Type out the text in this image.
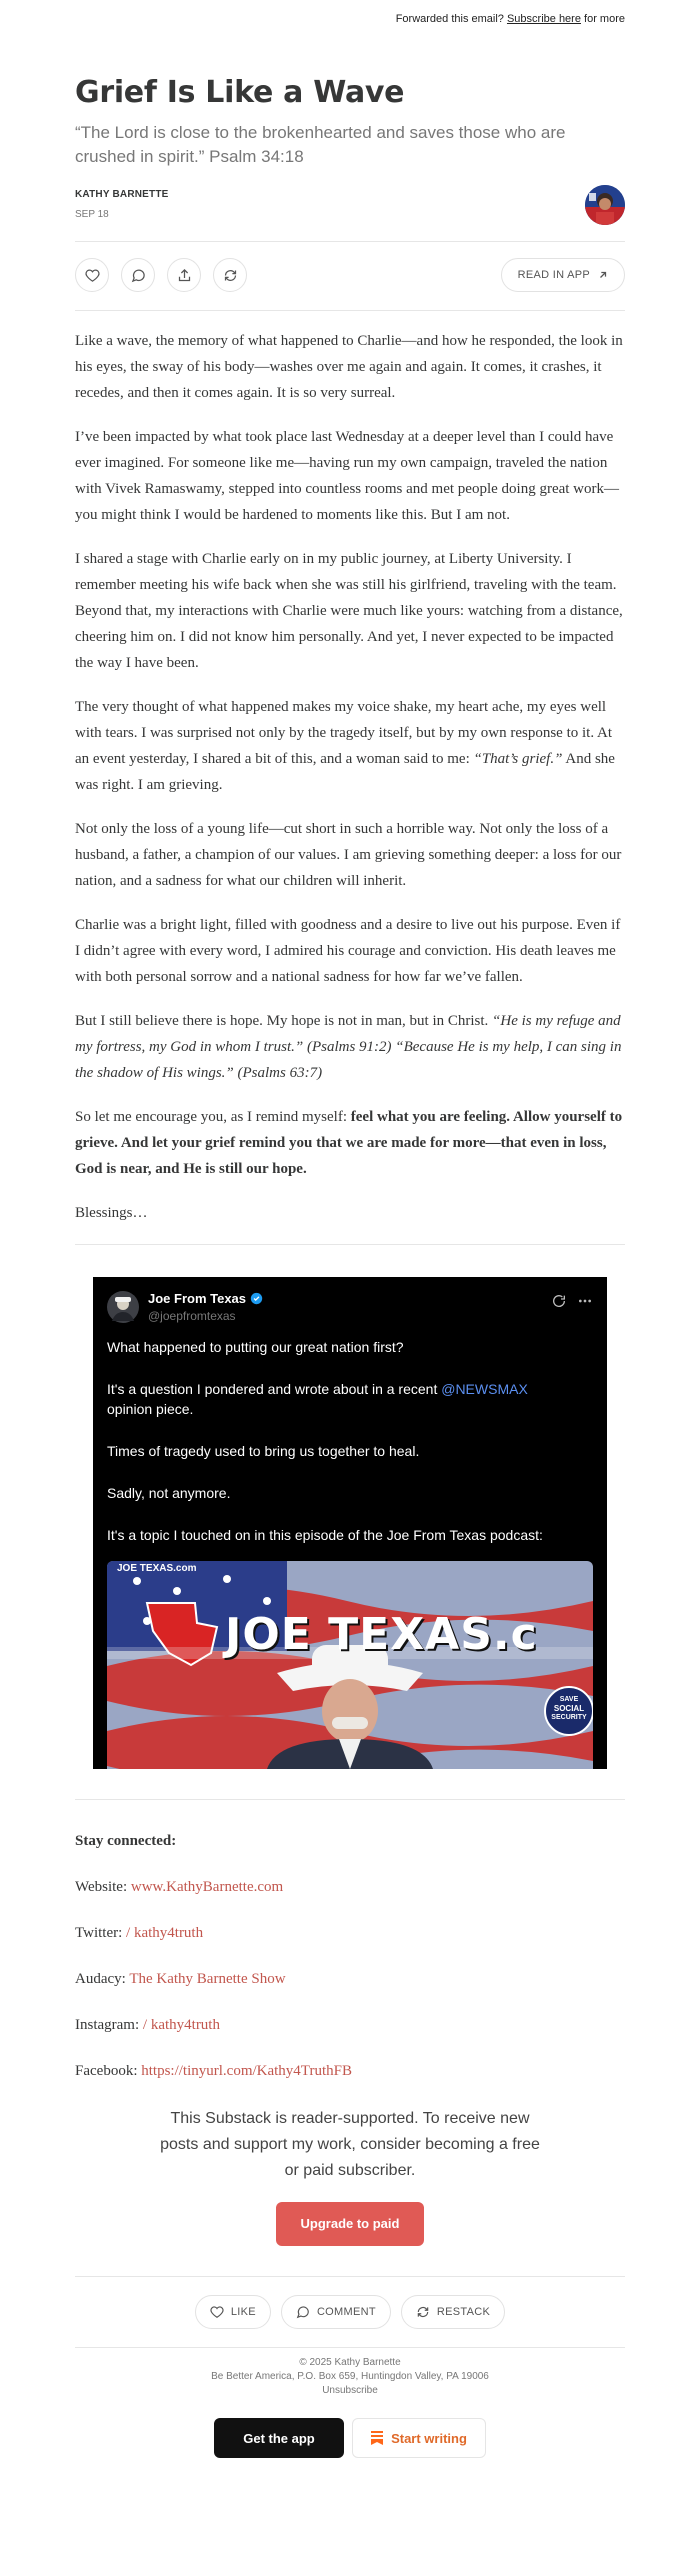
Forwarded this email? Subscribe here for more
Grief Is Like a Wave
“The Lord is close to the brokenhearted and saves those who are crushed in spirit.” Psalm 34:18
KATHY BARNETTE
SEP 18
READ IN APP

Like a wave, the memory of what happened to Charlie—and how he responded, the look in his eyes, the sway of his body—washes over me again and again. It comes, it crashes, it recedes, and then it comes again. It is so very surreal.

I’ve been impacted by what took place last Wednesday at a deeper level than I could have ever imagined. For someone like me—having run my own campaign, traveled the nation with Vivek Ramaswamy, stepped into countless rooms and met people doing great work—you might think I would be hardened to moments like this. But I am not.

I shared a stage with Charlie early on in my public journey, at Liberty University. I remember meeting his wife back when she was still his girlfriend, traveling with the team. Beyond that, my interactions with Charlie were much like yours: watching from a distance, cheering him on. I did not know him personally. And yet, I never expected to be impacted the way I have been.

The very thought of what happened makes my voice shake, my heart ache, my eyes well with tears. I was surprised not only by the tragedy itself, but by my own response to it. At an event yesterday, I shared a bit of this, and a woman said to me: “That’s grief.” And she was right. I am grieving.

Not only the loss of a young life—cut short in such a horrible way. Not only the loss of a husband, a father, a champion of our values. I am grieving something deeper: a loss for our nation, and a sadness for what our children will inherit.

Charlie was a bright light, filled with goodness and a desire to live out his purpose. Even if I didn’t agree with every word, I admired his courage and conviction. His death leaves me with both personal sorrow and a national sadness for how far we’ve fallen.

But I still believe there is hope. My hope is not in man, but in Christ. “He is my refuge and my fortress, my God in whom I trust.” (Psalms 91:2) “Because He is my help, I can sing in the shadow of His wings.” (Psalms 63:7)

So let me encourage you, as I remind myself: feel what you are feeling. Allow yourself to grieve. And let your grief remind you that we are made for more—that even in loss, God is near, and He is still our hope.

Blessings…

Joe From Texas
@joepfromtexas

What happened to putting our great nation first?

It's a question I pondered and wrote about in a recent @NEWSMAX
opinion piece.

Times of tragedy used to bring us together to heal.

Sadly, not anymore.

It's a topic I touched on in this episode of the Joe From Texas podcast:

JOE TEXAS.c
JOE TEXAS.com
SAVE
SOCIAL
SECURITY

Stay connected:

Website: www.KathyBarnette.com

Twitter: / kathy4truth

Audacy: The Kathy Barnette Show

Instagram: / kathy4truth

Facebook: https://tinyurl.com/Kathy4TruthFB

This Substack is reader-supported. To receive new posts and support my work, consider becoming a free or paid subscriber.
Upgrade to paid
LIKE	COMMENT	RESTACK
© 2025 Kathy Barnette
Be Better America, P.O. Box 659, Huntingdon Valley, PA 19006
Unsubscribe
Get the app	Start writing
